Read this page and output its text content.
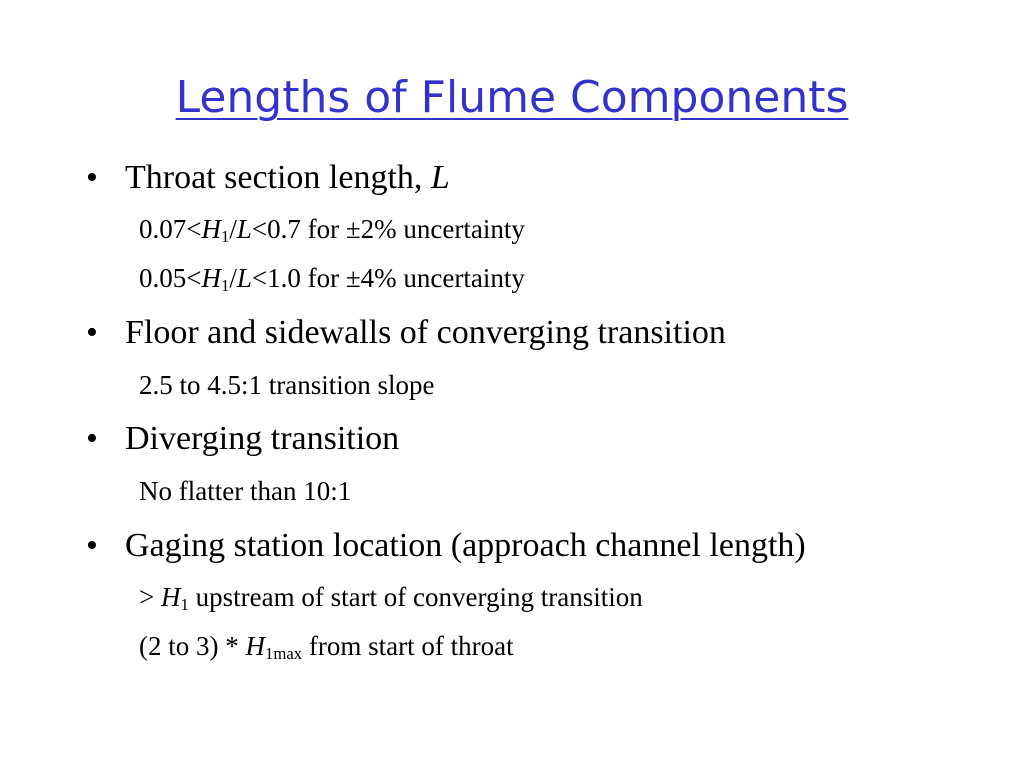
Lengths of Flume Components
• Throat section length, L
$0.07<H_1/L<0.7$ for ±2% uncertainty
$0.05<H_1/L<1.0$ for ±4% uncertainty
• Floor and sidewalls of converging transition
2.5 to 4.5:1 transition slope
• Diverging transition
No flatter than 10:1
• Gaging station location (approach channel length)
> $H_1$ upstream of start of converging transition
(2 to $3) * H_{1max}$ from start of throat
